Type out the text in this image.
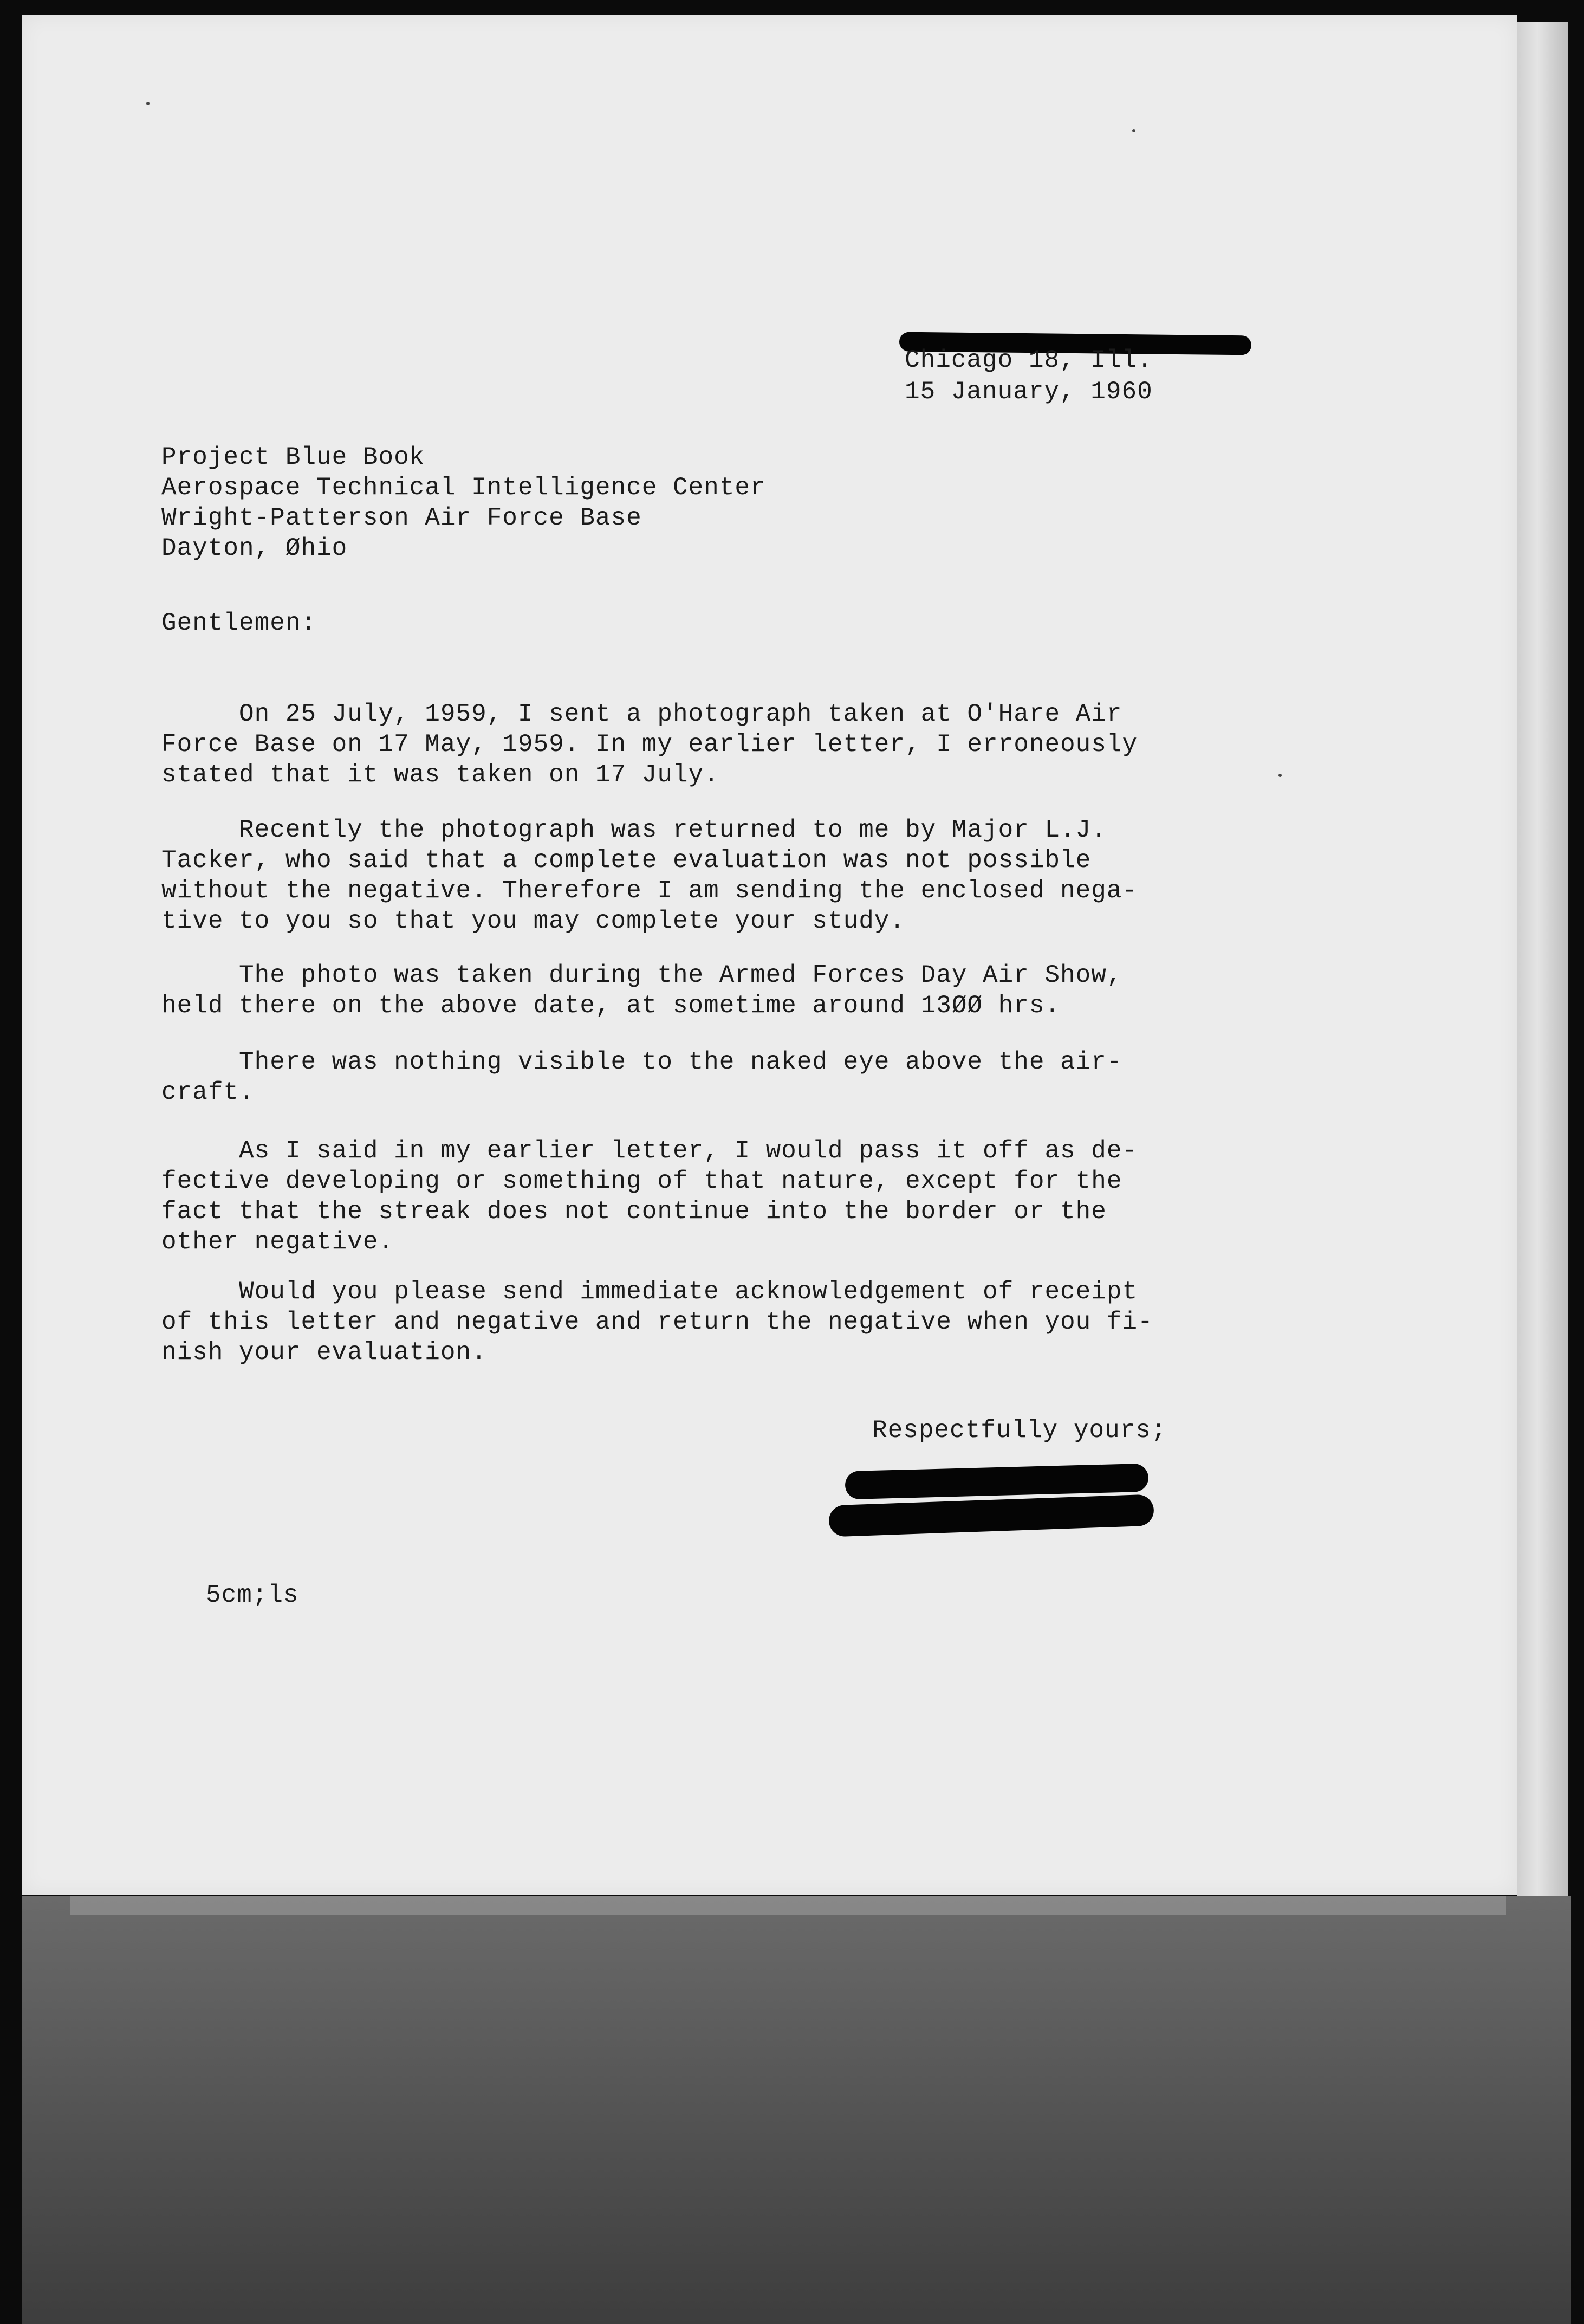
Chicago 18, Ill.
15 January, 1960
Project Blue Book
Aerospace Technical Intelligence Center
Wright-Patterson Air Force Base
Dayton, Øhio
Gentlemen:
On 25 July, 1959, I sent a photograph taken at O'Hare Air
Force Base on 17 May, 1959. In my earlier letter, I erroneously
stated that it was taken on 17 July.
Recently the photograph was returned to me by Major L.J.
Tacker, who said that a complete evaluation was not possible
without the negative. Therefore I am sending the enclosed nega-
tive to you so that you may complete your study.
The photo was taken during the Armed Forces Day Air Show,
held there on the above date, at sometime around 13ØØ hrs.
There was nothing visible to the naked eye above the air-
craft.
As I said in my earlier letter, I would pass it off as de-
fective developing or something of that nature, except for the
fact that the streak does not continue into the border or the
other negative.
Would you please send immediate acknowledgement of receipt
of this letter and negative and return the negative when you fi-
nish your evaluation.
Respectfully yours;
5cm;ls
